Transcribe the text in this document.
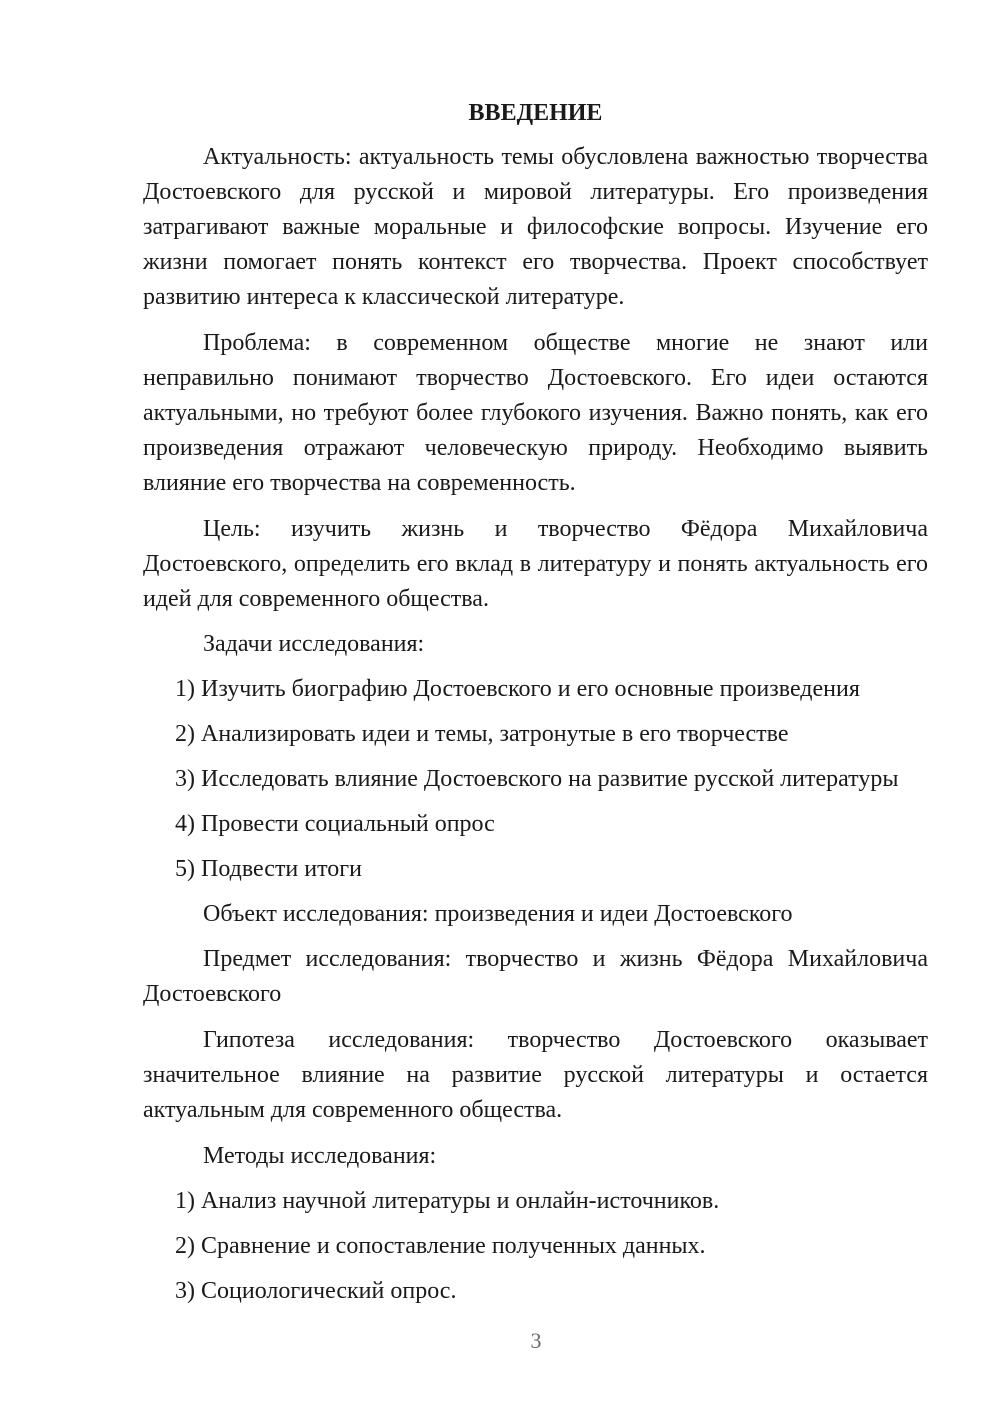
ВВЕДЕНИЕ

Актуальность: актуальность темы обусловлена важностью творчества Достоевского для русской и мировой литературы. Его произведения затрагивают важные моральные и философские вопросы. Изучение его жизни помогает понять контекст его творчества. Проект способствует развитию интереса к классической литературе.

Проблема: в современном обществе многие не знают или неправильно понимают творчество Достоевского. Его идеи остаются актуальными, но требуют более глубокого изучения. Важно понять, как его произведения отражают человеческую природу. Необходимо выявить влияние его творчества на современность.

Цель: изучить жизнь и творчество Фёдора Михайловича Достоевского, определить его вклад в литературу и понять актуальность его идей для современного общества.

Задачи исследования:

1) Изучить биографию Достоевского и его основные произведения

2) Анализировать идеи и темы, затронутые в его творчестве

3) Исследовать влияние Достоевского на развитие русской литературы

4) Провести социальный опрос

5) Подвести итоги

Объект исследования: произведения и идеи Достоевского

Предмет исследования: творчество и жизнь Фёдора Михайловича Достоевского

Гипотеза исследования: творчество Достоевского оказывает значительное влияние на развитие русской литературы и остается актуальным для современного общества.

Методы исследования:

1) Анализ научной литературы и онлайн-источников.

2) Сравнение и сопоставление полученных данных.

3) Социологический опрос.

3
